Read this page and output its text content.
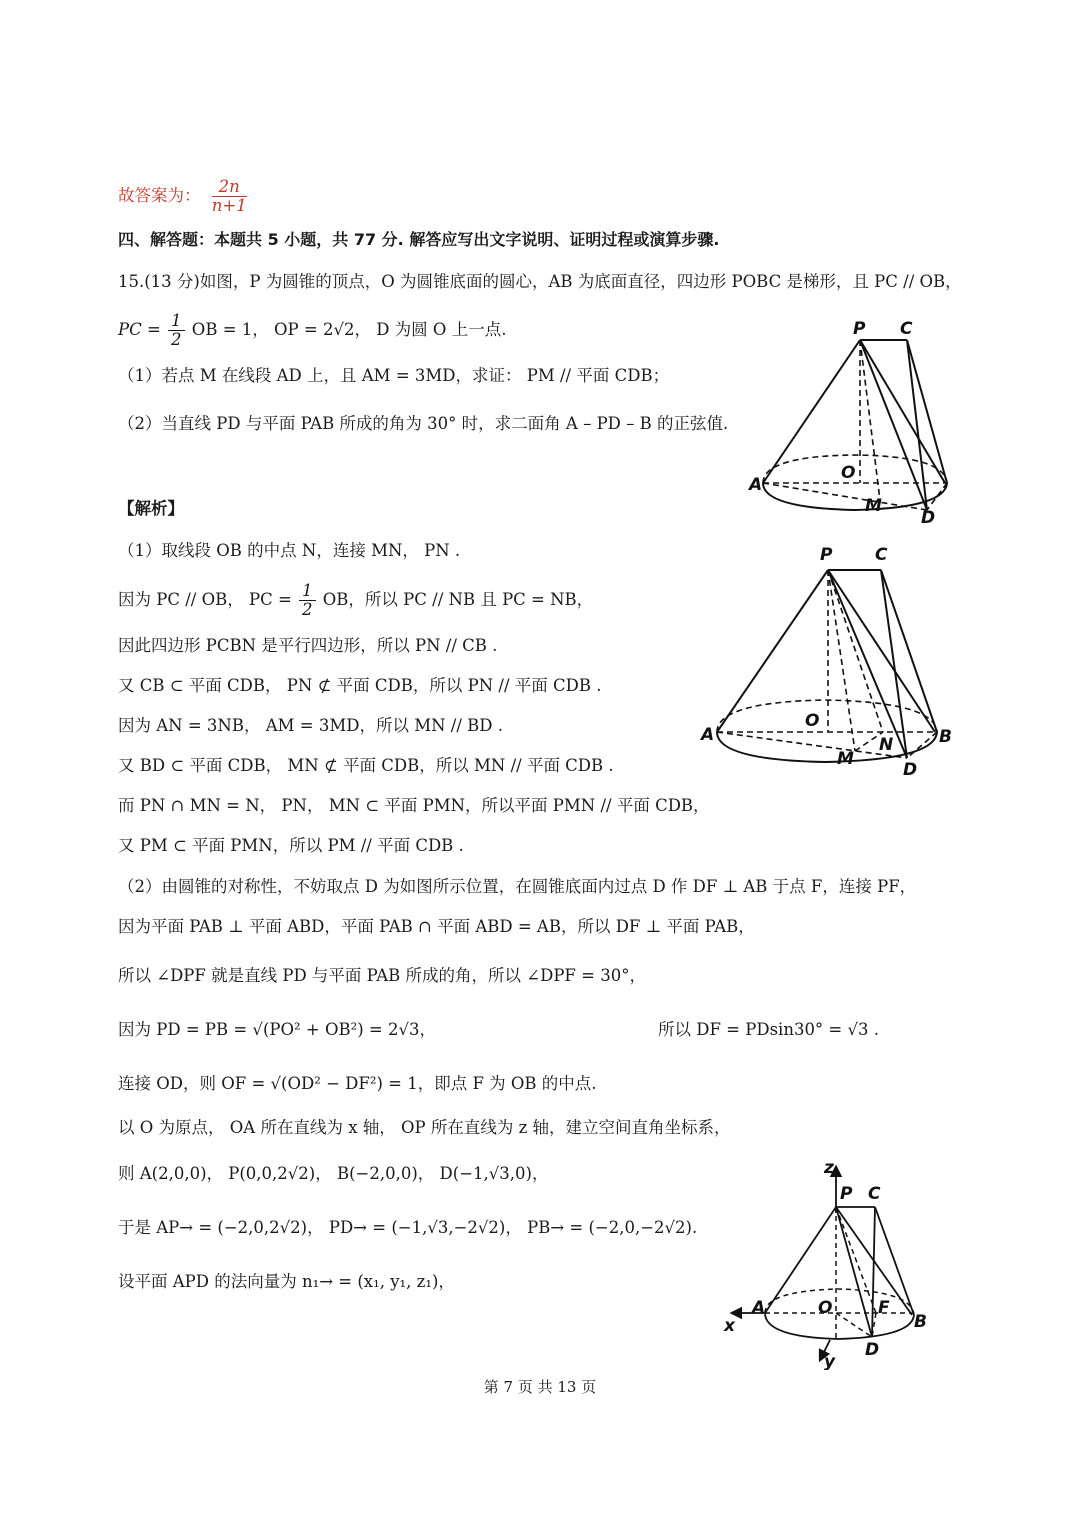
故答案为： $\frac{2n}{n+1}$
四、解答题：本题共 5 小题，共 77 分. 解答应写出文字说明、证明过程或演算步骤.
15.(13 分)如图，P 为圆锥的顶点，O 为圆锥底面的圆心，AB 为底面直径，四边形 POBC 是梯形，且 PC // OB，
PC = $\frac{1}{2}$ OB = 1， OP = 2√2， D 为圆 O 上一点.
（1）若点 M 在线段 AD 上，且 AM = 3MD，求证： PM // 平面 CDB；
（2）当直线 PD 与平面 PAB 所成的角为 30° 时，求二面角 A – PD – B 的正弦值.
P C
A
O
M
D
【解析】
（1）取线段 OB 的中点 N，连接 MN， PN .
因为 PC // OB， PC = $\frac{1}{2}$ OB，所以 PC // NB 且 PC = NB，
因此四边形 PCBN 是平行四边形，所以 PN // CB .
又 CB ⊂ 平面 CDB， PN ⊄ 平面 CDB，所以 PN // 平面 CDB .
因为 AN = 3NB， AM = 3MD，所以 MN // BD .
又 BD ⊂ 平面 CDB， MN ⊄ 平面 CDB，所以 MN // 平面 CDB .
而 PN ∩ MN = N， PN， MN ⊂ 平面 PMN，所以平面 PMN // 平面 CDB，
又 PM ⊂ 平面 PMN，所以 PM // 平面 CDB .
（2）由圆锥的对称性，不妨取点 D 为如图所示位置，在圆锥底面内过点 D 作 DF ⊥ AB 于点 F，连接 PF，
因为平面 PAB ⊥ 平面 ABD，平面 PAB ∩ 平面 ABD = AB，所以 DF ⊥ 平面 PAB，
所以 ∠DPF 就是直线 PD 与平面 PAB 所成的角，所以 ∠DPF = 30°，
因为 PD = PB = √(PO² + OB²) = 2√3，	所以 DF = PDsin30° = √3 .
连接 OD，则 OF = √(OD² − DF²) = 1，即点 F 为 OB 的中点.
以 O 为原点， OA 所在直线为 x 轴， OP 所在直线为 z 轴，建立空间直角坐标系，
则 A(2,0,0)， P(0,0,2√2)， B(−2,0,0)， D(−1,√3,0)，
于是 AP→ = (−2,0,2√2)， PD→ = (−1,√3,−2√2)， PB→ = (−2,0,−2√2).
设平面 APD 的法向量为 n₁→ = (x₁, y₁, z₁)，
P	C
A
O
M
N	B
D
z
P C
A	O	F
B
D
x
y
第 7 页 共 13 页
